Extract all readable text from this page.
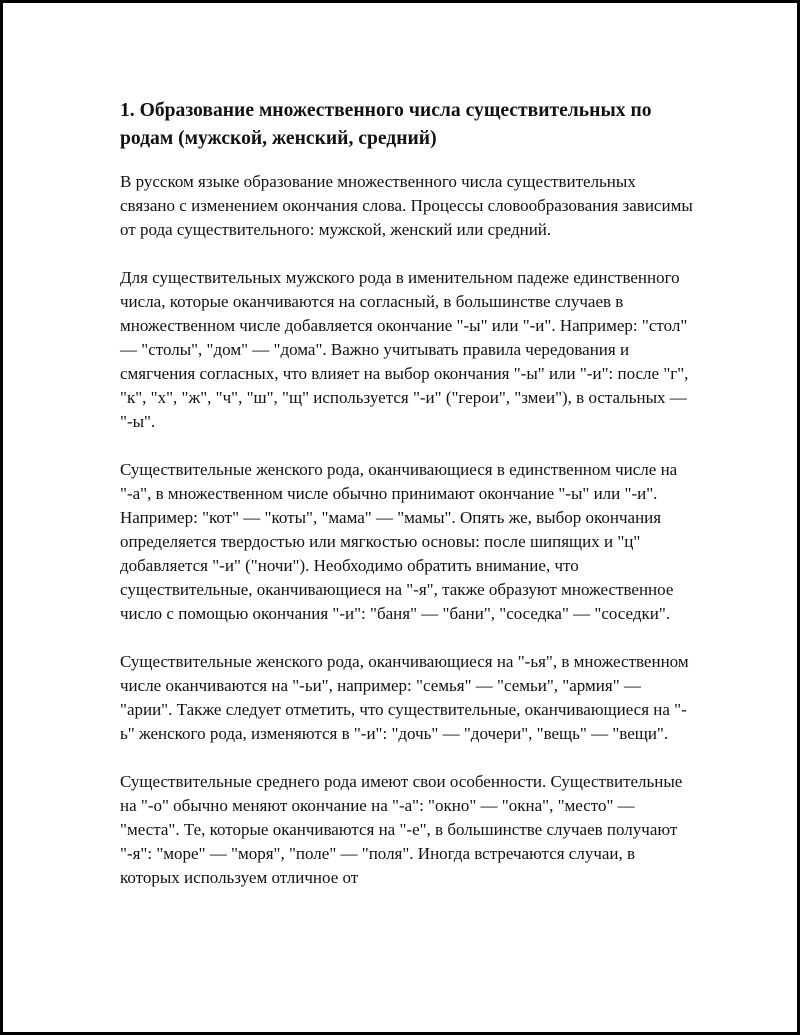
1. Образование множественного числа существительных по родам (мужской, женский, средний)

В русском языке образование множественного числа существительных связано с изменением окончания слова. Процессы словообразования зависимы от рода существительного: мужской, женский или средний.

Для существительных мужского рода в именительном падеже единственного числа, которые оканчиваются на согласный, в большинстве случаев в множественном числе добавляется окончание "-ы" или "-и". Например: "стол" — "столы", "дом" — "дома". Важно учитывать правила чередования и смягчения согласных, что влияет на выбор окончания "-ы" или "-и": после "г", "к", "х", "ж", "ч", "ш", "щ" используется "-и" ("герои", "змеи"), в остальных — "-ы".

Существительные женского рода, оканчивающиеся в единственном числе на "-а", в множественном числе обычно принимают окончание "-ы" или "-и". Например: "кот" — "коты", "мама" — "мамы". Опять же, выбор окончания определяется твердостью или мягкостью основы: после шипящих и "ц" добавляется "-и" ("ночи"). Необходимо обратить внимание, что существительные, оканчивающиеся на "-я", также образуют множественное число с помощью окончания "-и": "баня" — "бани", "соседка" — "соседки".

Существительные женского рода, оканчивающиеся на "-ья", в множественном числе оканчиваются на "-ьи", например: "семья" — "семьи", "армия" — "арии". Также следует отметить, что существительные, оканчивающиеся на "-ь" женского рода, изменяются в "-и": "дочь" — "дочери", "вещь" — "вещи".

Существительные среднего рода имеют свои особенности. Существительные на "-о" обычно меняют окончание на "-а": "окно" — "окна", "место" — "места". Те, которые оканчиваются на "-е", в большинстве случаев получают "-я": "море" — "моря", "поле" — "поля". Иногда встречаются случаи, в которых используем отличное от
